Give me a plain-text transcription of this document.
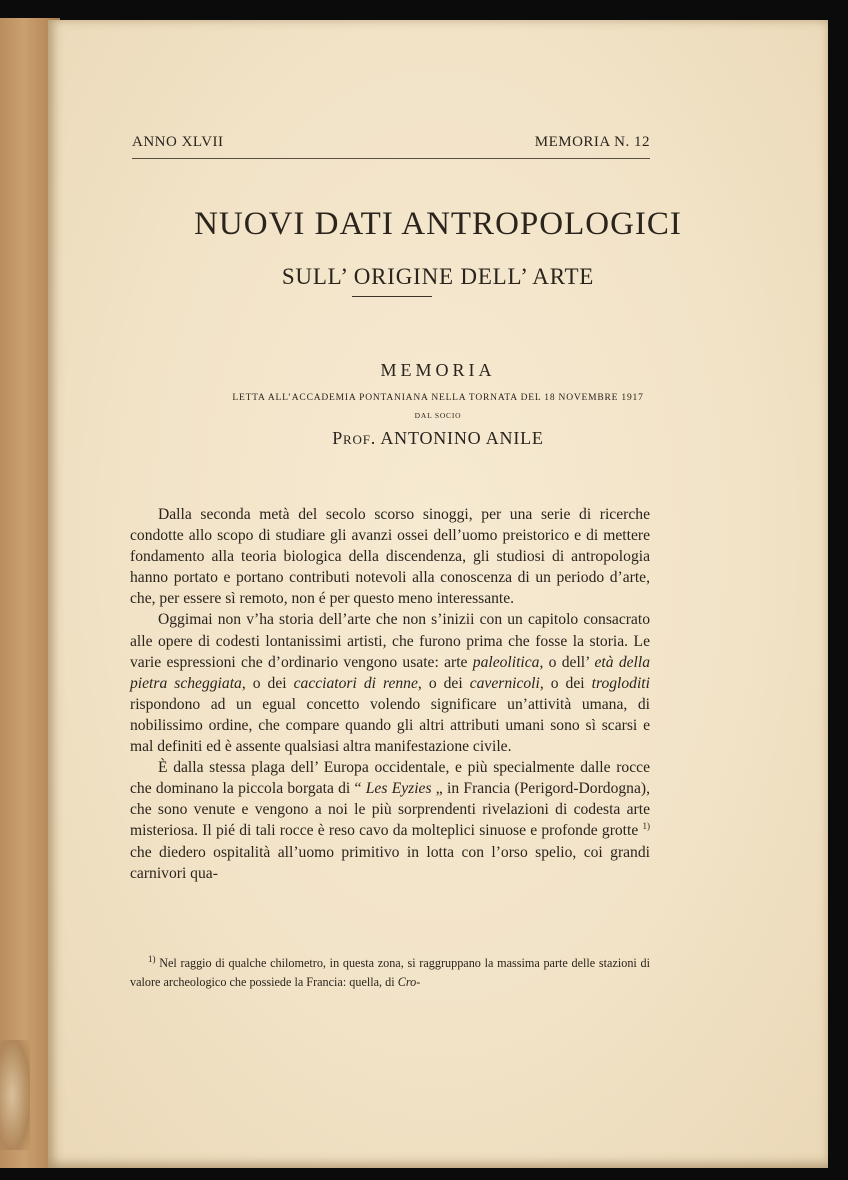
ANNO XLVII	MEMORIA N. 12
NUOVI DATI ANTROPOLOGICI
SULL’ ORIGINE DELL’ ARTE
MEMORIA
LETTA ALL’ACCADEMIA PONTANIANA NELLA TORNATA DEL 18 NOVEMBRE 1917
DAL SOCIO
Prof. ANTONINO ANILE

Dalla seconda metà del secolo scorso sinoggi, per una serie di ricerche condotte allo scopo di studiare gli avanzi ossei dell’uomo preistorico e di mettere fondamento alla teoria biologica della discendenza, gli studiosi di antropologia hanno portato e portano contributi notevoli alla conoscenza di un periodo d’arte, che, per essere sì remoto, non é per questo meno interessante.

Oggimai non v’ha storia dell’arte che non s’inizii con un capitolo consacrato alle opere di codesti lontanissimi artisti, che furono prima che fosse la storia. Le varie espressioni che d’ordinario vengono usate: arte paleolitica, o dell’ età della pietra scheggiata, o dei cacciatori di renne, o dei cavernicoli, o dei trogloditi rispondono ad un egual concetto volendo significare un’attività umana, di nobilissimo ordine, che compare quando gli altri attributi umani sono sì scarsi e mal definiti ed è assente qualsiasi altra manifestazione civile.

È dalla stessa plaga dell’ Europa occidentale, e più specialmente dalle rocce che dominano la piccola borgata di “ Les Eyzies „ in Francia (Perigord-Dordogna), che sono venute e vengono a noi le più sorprendenti rivelazioni di codesta arte misteriosa. Il pié di tali rocce è reso cavo da molteplici sinuose e profonde grotte $^{1)}$ che diedero ospitalità all’uomo primitivo in lotta con l’orso spelio, coi grandi carnivori qua-

$^{1)}$ Nel raggio di qualche chilometro, in questa zona, si raggruppano la massima parte delle stazioni di valore archeologico che possiede la Francia: quella, di Cro-
